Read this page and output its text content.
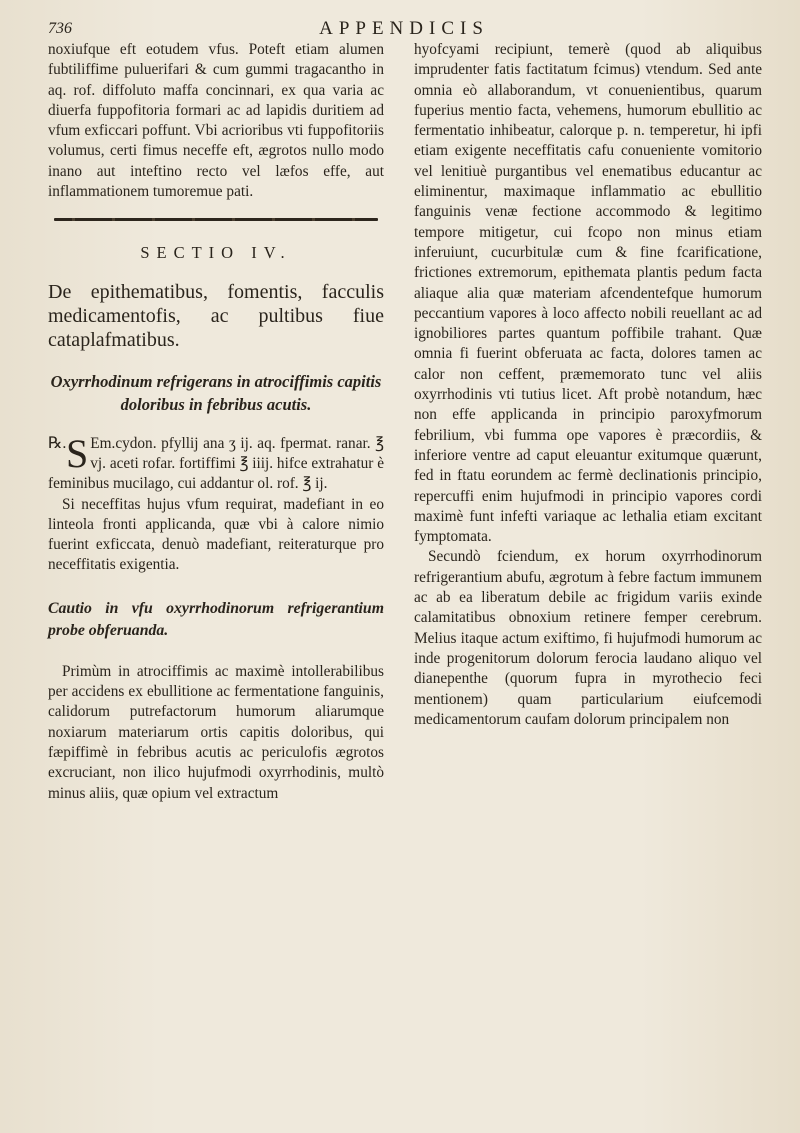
736	APPENDICIS

noxiufque eft eotudem vfus. Poteft etiam alumen fubtiliffime puluerifari & cum gummi tragacantho in aq. rof. diffoluto maffa concinnari, ex qua varia ac diuerfa fuppofitoria formari ac ad lapidis duritiem ad vfum exficcari poffunt. Vbi acrioribus vti fuppofitoriis volumus, certi fimus neceffe eft, ægrotos nullo modo inano aut inteftino recto vel læfos effe, aut inflammationem tumoremue pati.

SECTIO IV.
De epithematibus, fomentis, facculis medicamentofis, ac pultibus fiue cataplafmatibus.
Oxyrrhodinum refrigerans in atrociffimis capitis doloribus in febribus acutis.
℞. S Em.cydon. pfyllij ana ʒ ij. aq. fpermat. ranar. ℥ vj. aceti rofar. fortiffimi ℥ iiij. hifce extrahatur è feminibus mucilago, cui addantur ol. rof. ℥ ij.

Si neceffitas hujus vfum requirat, madefiant in eo linteola fronti applicanda, quæ vbi à calore nimio fuerint exficcata, denuò madefiant, reiteraturque pro neceffitatis exigentia.

Cautio in vfu oxyrrhodinorum refrigerantium probe obferuanda.

Primùm in atrociffimis ac maximè intollerabilibus per accidens ex ebullitione ac fermentatione fanguinis, calidorum putrefactorum humorum aliarumque noxiarum materiarum ortis capitis doloribus, qui fæpiffimè in febribus acutis ac periculofis ægrotos excruciant, non ilico hujufmodi oxyrrhodinis, multò minus aliis, quæ opium vel extractum

hyofcyami recipiunt, temerè (quod ab aliquibus imprudenter fatis factitatum fcimus) vtendum. Sed ante omnia eò allaborandum, vt conuenientibus, quarum fuperius mentio facta, vehemens, humorum ebullitio ac fermentatio inhibeatur, calorque p. n. temperetur, hi ipfi etiam exigente neceffitatis cafu conueniente vomitorio vel lenitiuè purgantibus vel enematibus educantur ac eliminentur, maximaque inflammatio ac ebullitio fanguinis venæ fectione accommodo & legitimo tempore mitigetur, cui fcopo non minus etiam inferuiunt, cucurbitulæ cum & fine fcarificatione, frictiones extremorum, epithemata plantis pedum facta aliaque alia quæ materiam afcendentefque humorum peccantium vapores à loco affecto nobili reuellant ac ad ignobiliores partes quantum poffibile trahant. Quæ omnia fi fuerint obferuata ac facta, dolores tamen ac calor non ceffent, præmemorato tunc vel aliis oxyrrhodinis vti tutius licet. Aft probè notandum, hæc non effe applicanda in principio paroxyfmorum febrilium, vbi fumma ope vapores è præcordiis, & inferiore ventre ad caput eleuantur exitumque quærunt, fed in ftatu eorundem ac fermè declinationis principio, repercuffi enim hujufmodi in principio vapores cordi maximè funt infefti variaque ac lethalia etiam excitant fymptomata.

Secundò fciendum, ex horum oxyrrhodinorum refrigerantium abufu, ægrotum à febre factum immunem ac ab ea liberatum debile ac frigidum variis exinde calamitatibus obnoxium retinere femper cerebrum. Melius itaque actum exiftimo, fi hujufmodi humorum ac inde progenitorum dolorum ferocia laudano aliquo vel dianepenthe (quorum fupra in myrothecio feci mentionem) quam particularium eiufcemodi medicamentorum caufam dolorum principalem non
